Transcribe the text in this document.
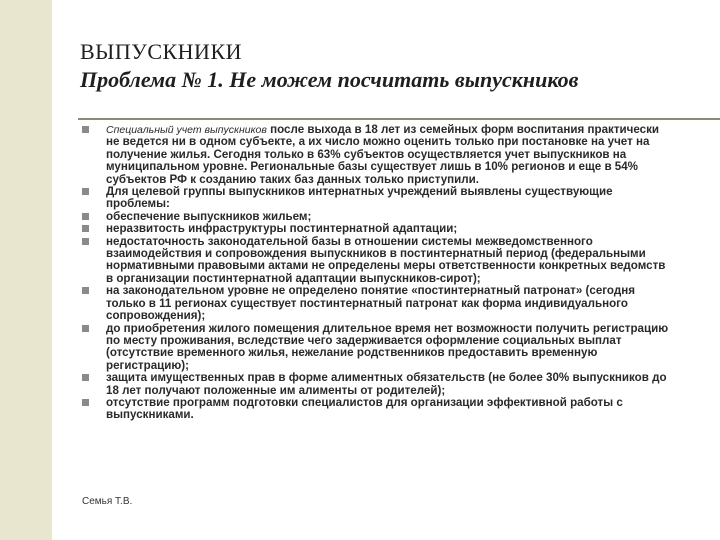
ВЫПУСКНИКИ
Проблема № 1. Не можем посчитать выпускников
Специальный учет выпускников после выхода в 18 лет из семейных форм воспитания практически не ведется ни в одном субъекте, а их число можно оценить только при постановке на учет на получение жилья. Сегодня только в 63% субъектов осуществляется учет выпускников на муниципальном уровне. Региональные базы существует лишь в 10% регионов и еще в 54% субъектов РФ к созданию таких баз данных только приступили.
Для целевой группы выпускников интернатных учреждений выявлены существующие проблемы:
обеспечение выпускников жильем;
неразвитость инфраструктуры постинтернатной адаптации;
недостаточность законодательной базы в отношении системы межведомственного взаимодействия и сопровождения выпускников в постинтернатный период (федеральными нормативными правовыми актами не определены меры ответственности конкретных ведомств в организации постинтернатной адаптации выпускников-сирот);
на законодательном уровне не определено понятие «постинтернатный патронат» (сегодня только в 11 регионах существует постинтернатный патронат как форма индивидуального сопровождения);
до приобретения жилого помещения длительное время нет возможности получить регистрацию по месту проживания, вследствие чего задерживается оформление социальных выплат (отсутствие временного жилья, нежелание родственников предоставить временную регистрацию);
защита имущественных прав в форме алиментных обязательств (не более 30% выпускников до 18 лет получают положенные им алименты от родителей);
отсутствие программ подготовки специалистов для организации эффективной работы с выпускниками.
Семья Т.В.
